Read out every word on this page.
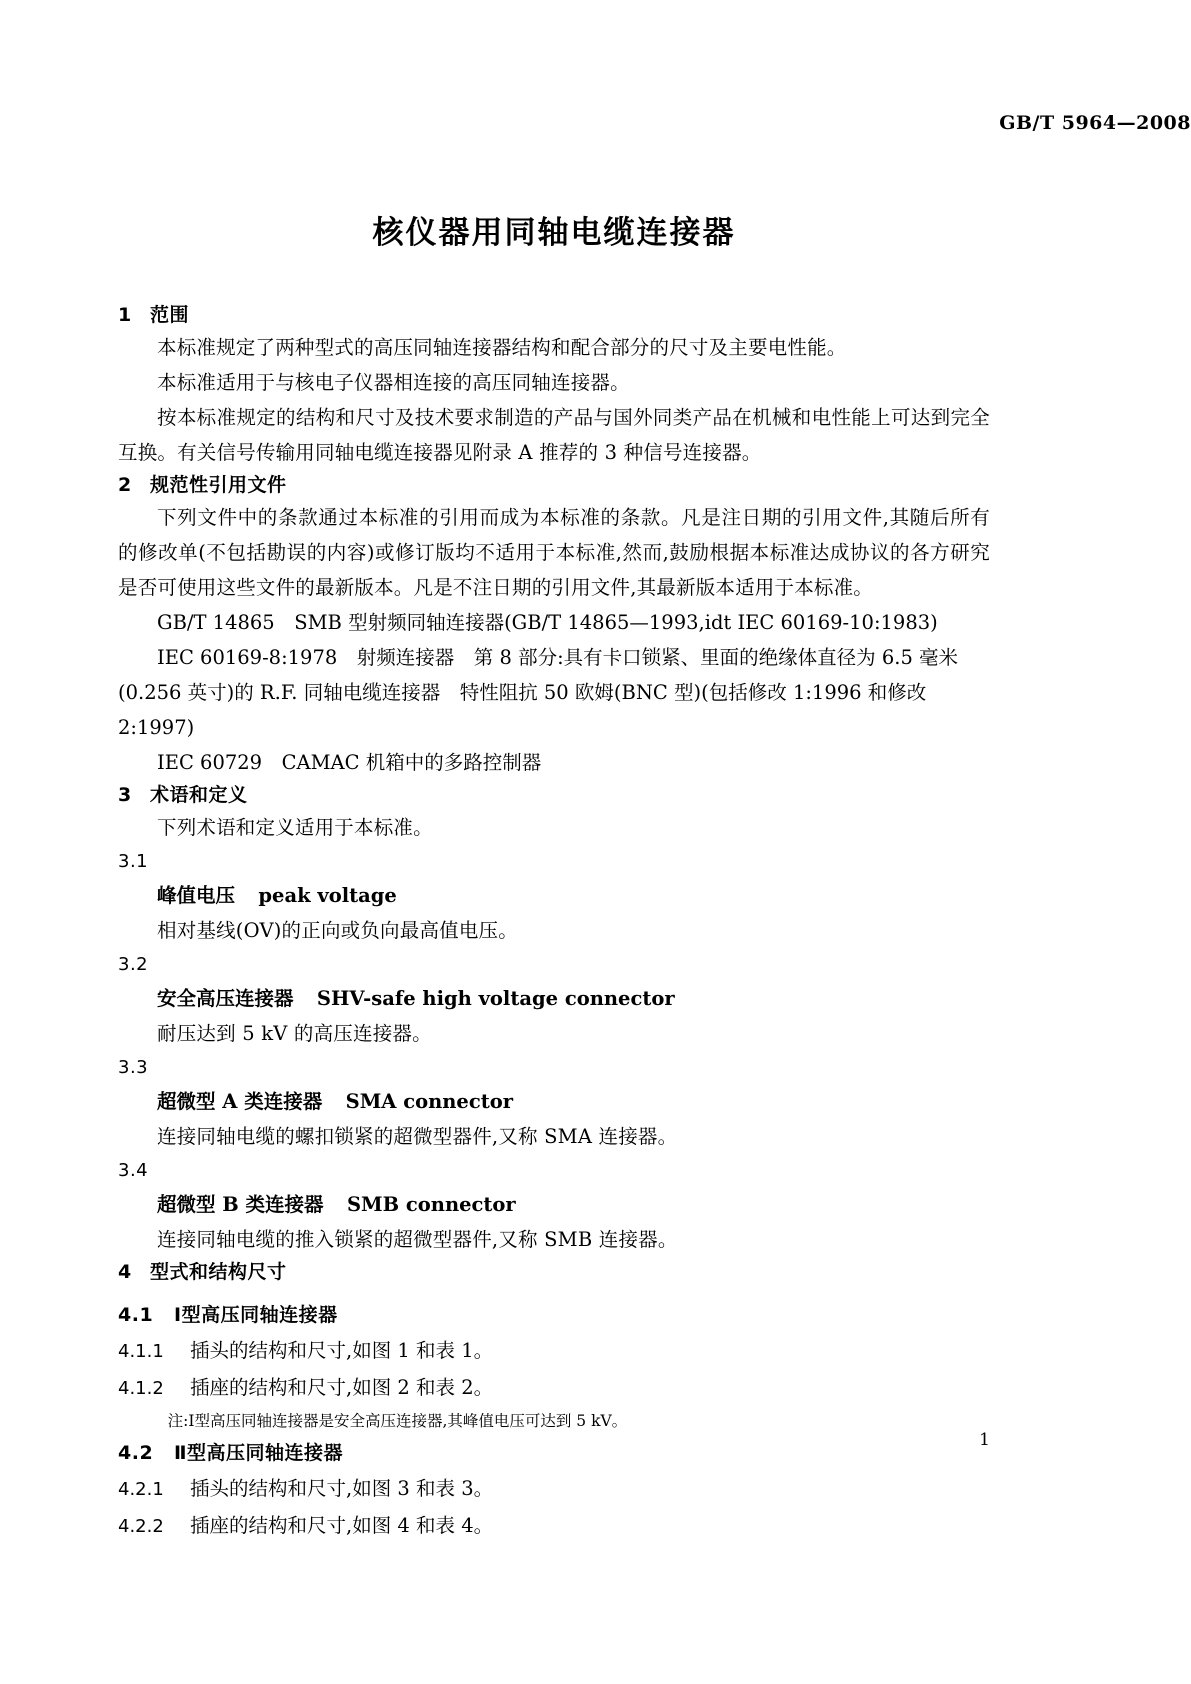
GB/T 5964—2008
核仪器用同轴电缆连接器
1 范围

本标准规定了两种型式的高压同轴连接器结构和配合部分的尺寸及主要电性能。

本标准适用于与核电子仪器相连接的高压同轴连接器。

按本标准规定的结构和尺寸及技术要求制造的产品与国外同类产品在机械和电性能上可达到完全互换。有关信号传输用同轴电缆连接器见附录 A 推荐的 3 种信号连接器。

2 规范性引用文件

下列文件中的条款通过本标准的引用而成为本标准的条款。凡是注日期的引用文件,其随后所有的修改单(不包括勘误的内容)或修订版均不适用于本标准,然而,鼓励根据本标准达成协议的各方研究是否可使用这些文件的最新版本。凡是不注日期的引用文件,其最新版本适用于本标准。

GB/T 14865　SMB 型射频同轴连接器(GB/T 14865—1993,idt IEC 60169-10:1983)

IEC 60169-8:1978　射频连接器　第 8 部分:具有卡口锁紧、里面的绝缘体直径为 6.5 毫米(0.256 英寸)的 R.F. 同轴电缆连接器　特性阻抗 50 欧姆(BNC 型)(包括修改 1:1996 和修改 2:1997)

IEC 60729　CAMAC 机箱中的多路控制器

3 术语和定义

下列术语和定义适用于本标准。

3.1

峰值电压 peak voltage

相对基线(OV)的正向或负向最高值电压。

3.2

安全高压连接器 SHV-safe high voltage connector

耐压达到 5 kV 的高压连接器。

3.3

超微型 A 类连接器 SMA connector

连接同轴电缆的螺扣锁紧的超微型器件,又称 SMA 连接器。

3.4

超微型 B 类连接器 SMB connector

连接同轴电缆的推入锁紧的超微型器件,又称 SMB 连接器。

4 型式和结构尺寸

4.1 Ⅰ型高压同轴连接器

4.1.1 插头的结构和尺寸,如图 1 和表 1。

4.1.2 插座的结构和尺寸,如图 2 和表 2。

注:Ⅰ型高压同轴连接器是安全高压连接器,其峰值电压可达到 5 kV。

4.2 Ⅱ型高压同轴连接器

4.2.1 插头的结构和尺寸,如图 3 和表 3。

4.2.2 插座的结构和尺寸,如图 4 和表 4。

1
